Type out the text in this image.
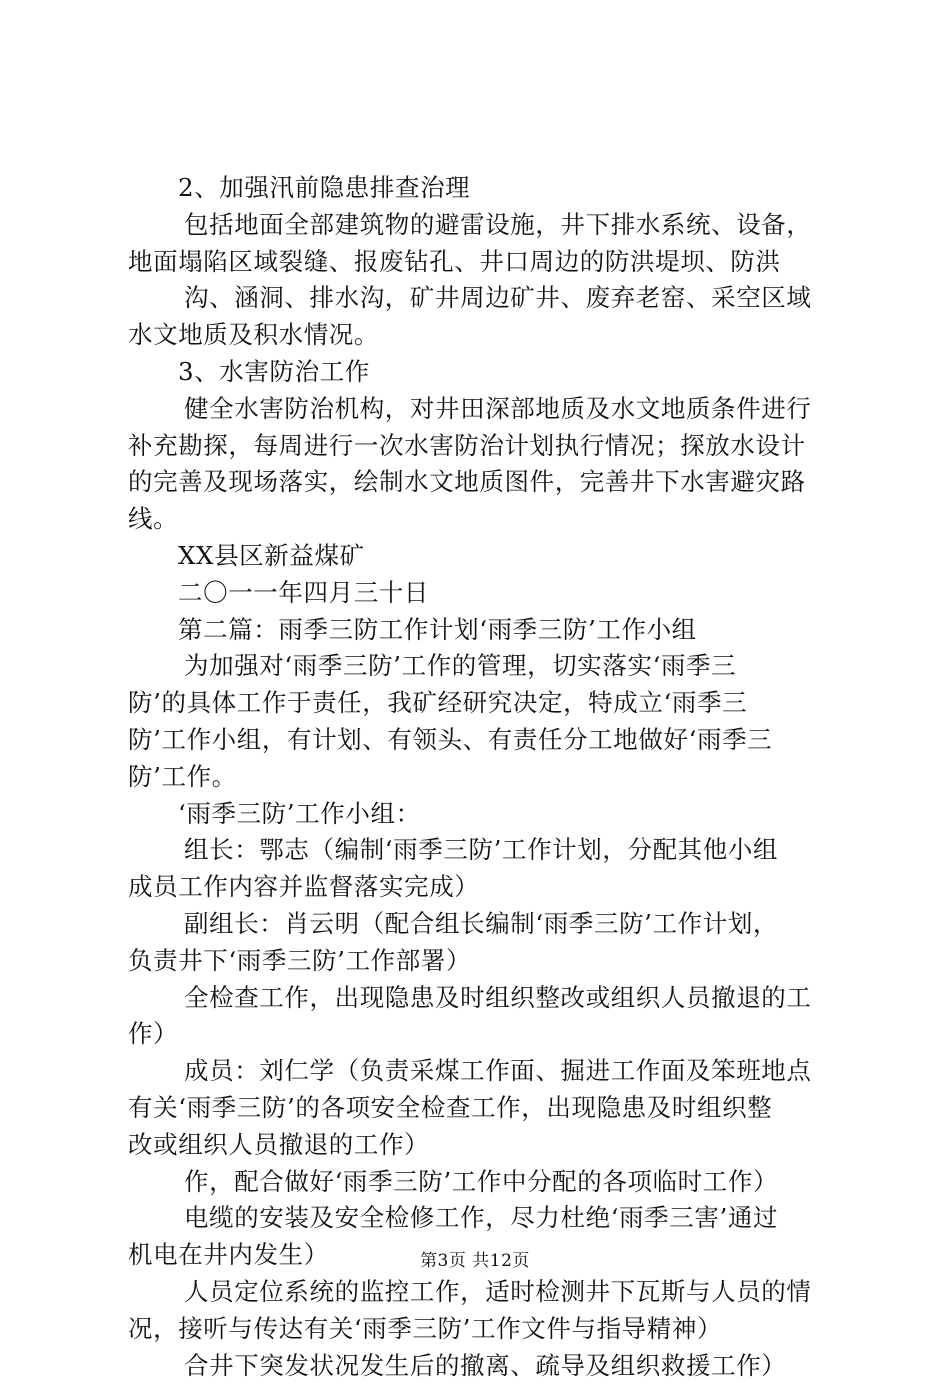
2、加强汛前隐患排查治理
包括地面全部建筑物的避雷设施，井下排水系统、设备，
地面塌陷区域裂缝、报废钻孔、井口周边的防洪堤坝、防洪
沟、涵洞、排水沟，矿井周边矿井、废弃老窑、采空区域
水文地质及积水情况。
3、水害防治工作
健全水害防治机构，对井田深部地质及水文地质条件进行
补充勘探，每周进行一次水害防治计划执行情况；探放水设计
的完善及现场落实，绘制水文地质图件，完善井下水害避灾路
线。
XX县区新益煤矿
二〇一一年四月三十日
第二篇：雨季三防工作计划‘雨季三防’工作小组
为加强对‘雨季三防’工作的管理，切实落实‘雨季三
防’的具体工作于责任，我矿经研究决定，特成立‘雨季三
防’工作小组，有计划、有领头、有责任分工地做好‘雨季三
防’工作。
‘雨季三防’工作小组：
组长：鄂志（编制‘雨季三防’工作计划，分配其他小组
成员工作内容并监督落实完成）
副组长：肖云明（配合组长编制‘雨季三防’工作计划，
负责井下‘雨季三防’工作部署）
全检查工作，出现隐患及时组织整改或组织人员撤退的工
作）
成员：刘仁学（负责采煤工作面、掘进工作面及笨班地点
有关‘雨季三防’的各项安全检查工作，出现隐患及时组织整
改或组织人员撤退的工作）
作，配合做好‘雨季三防’工作中分配的各项临时工作）
电缆的安装及安全检修工作，尽力杜绝‘雨季三害’通过
机电在井内发生）
人员定位系统的监控工作，适时检测井下瓦斯与人员的情
况，接听与传达有关‘雨季三防’工作文件与指导精神）
合井下突发状况发生后的撤离、疏导及组织救援工作）
第3页 共12页
